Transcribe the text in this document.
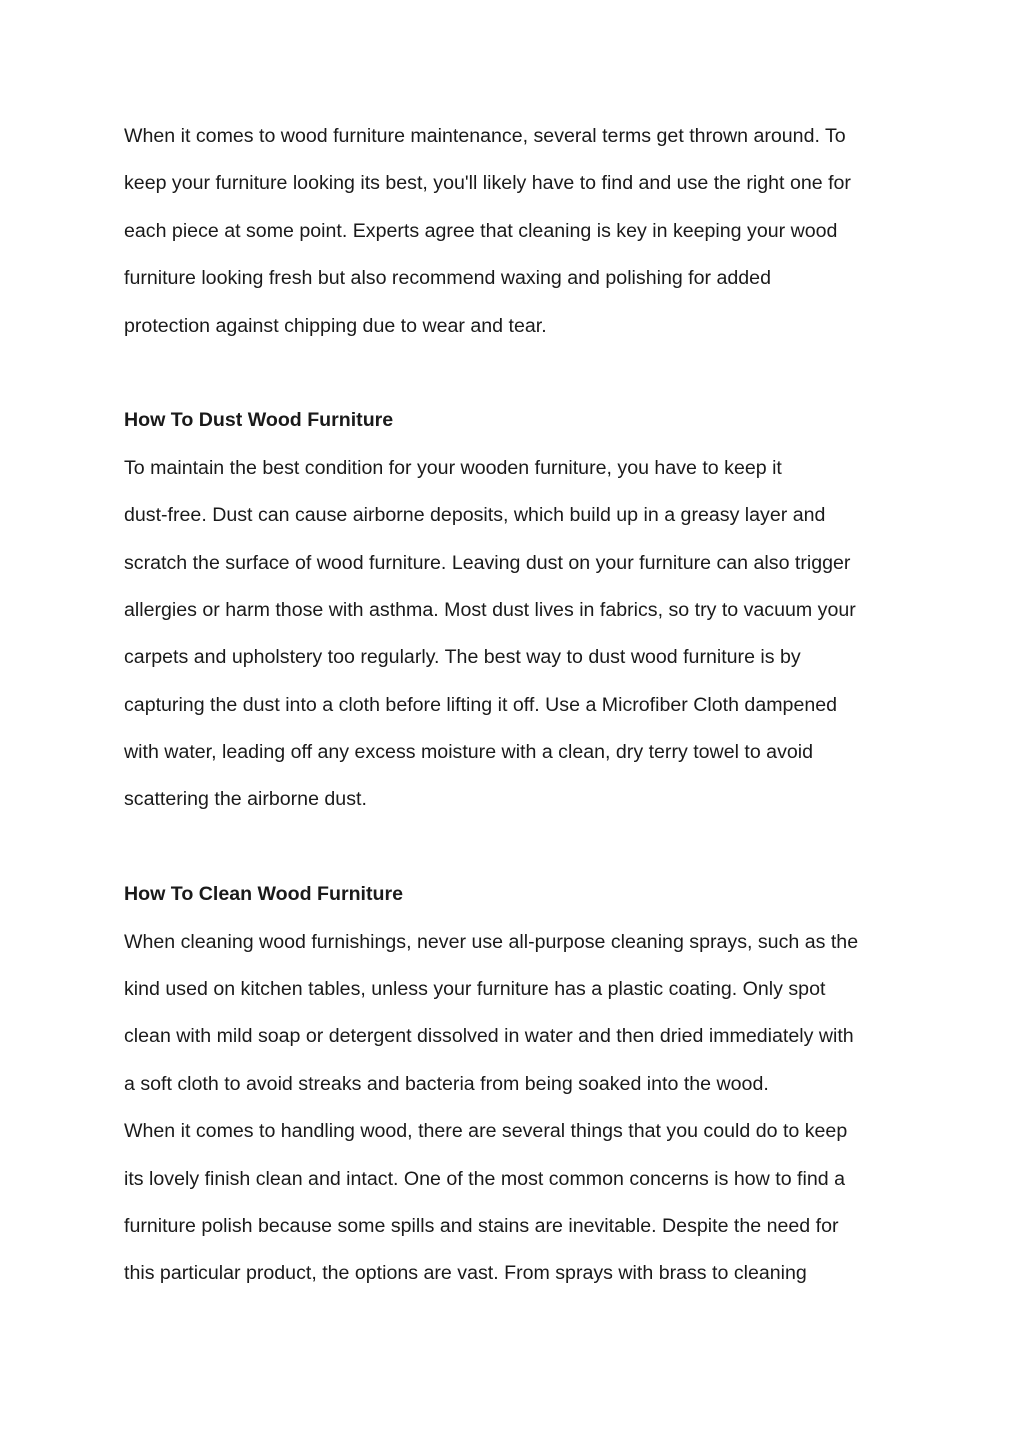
When it comes to wood furniture maintenance, several terms get thrown around. To
keep your furniture looking its best, you'll likely have to find and use the right one for
each piece at some point. Experts agree that cleaning is key in keeping your wood
furniture looking fresh but also recommend waxing and polishing for added
protection against chipping due to wear and tear.
How To Dust Wood Furniture
To maintain the best condition for your wooden furniture, you have to keep it
dust-free. Dust can cause airborne deposits, which build up in a greasy layer and
scratch the surface of wood furniture. Leaving dust on your furniture can also trigger
allergies or harm those with asthma. Most dust lives in fabrics, so try to vacuum your
carpets and upholstery too regularly. The best way to dust wood furniture is by
capturing the dust into a cloth before lifting it off. Use a Microfiber Cloth dampened
with water, leading off any excess moisture with a clean, dry terry towel to avoid
scattering the airborne dust.
How To Clean Wood Furniture
When cleaning wood furnishings, never use all-purpose cleaning sprays, such as the
kind used on kitchen tables, unless your furniture has a plastic coating. Only spot
clean with mild soap or detergent dissolved in water and then dried immediately with
a soft cloth to avoid streaks and bacteria from being soaked into the wood.
When it comes to handling wood, there are several things that you could do to keep
its lovely finish clean and intact. One of the most common concerns is how to find a
furniture polish because some spills and stains are inevitable. Despite the need for
this particular product, the options are vast. From sprays with brass to cleaning
